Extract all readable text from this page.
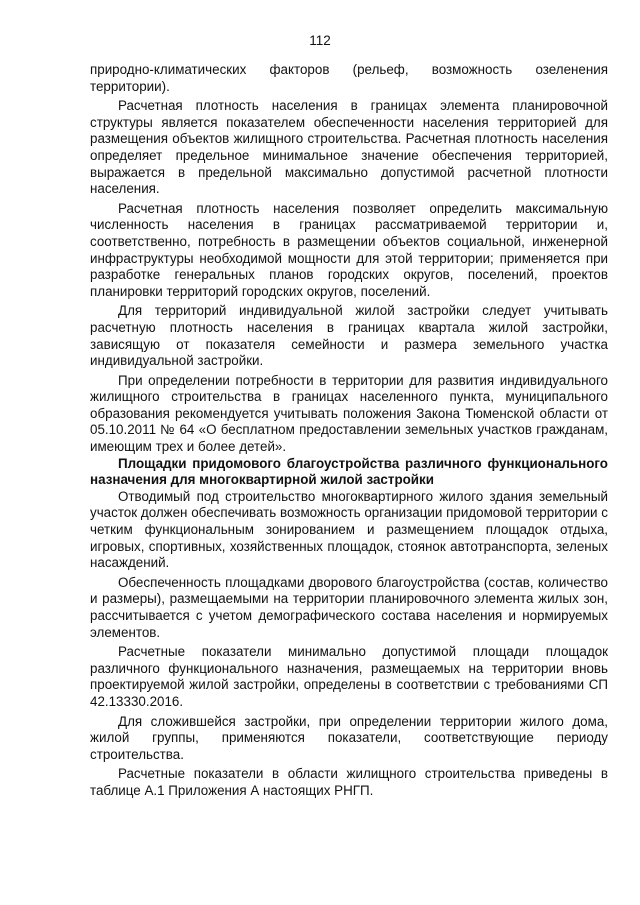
112

природно-климатических факторов (рельеф, возможность озеленения территории).

Расчетная плотность населения в границах элемента планировочной структуры является показателем обеспеченности населения территорией для размещения объектов жилищного строительства. Расчетная плотность населения определяет предельное минимальное значение обеспечения территорией, выражается в предельной максимально допустимой расчетной плотности населения.

Расчетная плотность населения позволяет определить максимальную численность населения в границах рассматриваемой территории и, соответственно, потребность в размещении объектов социальной, инженерной инфраструктуры необходимой мощности для этой территории; применяется при разработке генеральных планов городских округов, поселений, проектов планировки территорий городских округов, поселений.

Для территорий индивидуальной жилой застройки следует учитывать расчетную плотность населения в границах квартала жилой застройки, зависящую от показателя семейности и размера земельного участка индивидуальной застройки.

При определении потребности в территории для развития индивидуального жилищного строительства в границах населенного пункта, муниципального образования рекомендуется учитывать положения Закона Тюменской области от 05.10.2011 № 64 «О бесплатном предоставлении земельных участков гражданам, имеющим трех и более детей».

Площадки придомового благоустройства различного функционального назначения для многоквартирной жилой застройки

Отводимый под строительство многоквартирного жилого здания земельный участок должен обеспечивать возможность организации придомовой территории с четким функциональным зонированием и размещением площадок отдыха, игровых, спортивных, хозяйственных площадок, стоянок автотранспорта, зеленых насаждений.

Обеспеченность площадками дворового благоустройства (состав, количество и размеры), размещаемыми на территории планировочного элемента жилых зон, рассчитывается с учетом демографического состава населения и нормируемых элементов.

Расчетные показатели минимально допустимой площади площадок различного функционального назначения, размещаемых на территории вновь проектируемой жилой застройки, определены в соответствии с требованиями СП 42.13330.2016.

Для сложившейся застройки, при определении территории жилого дома, жилой группы, применяются показатели, соответствующие периоду строительства.

Расчетные показатели в области жилищного строительства приведены в таблице А.1 Приложения А настоящих РНГП.
